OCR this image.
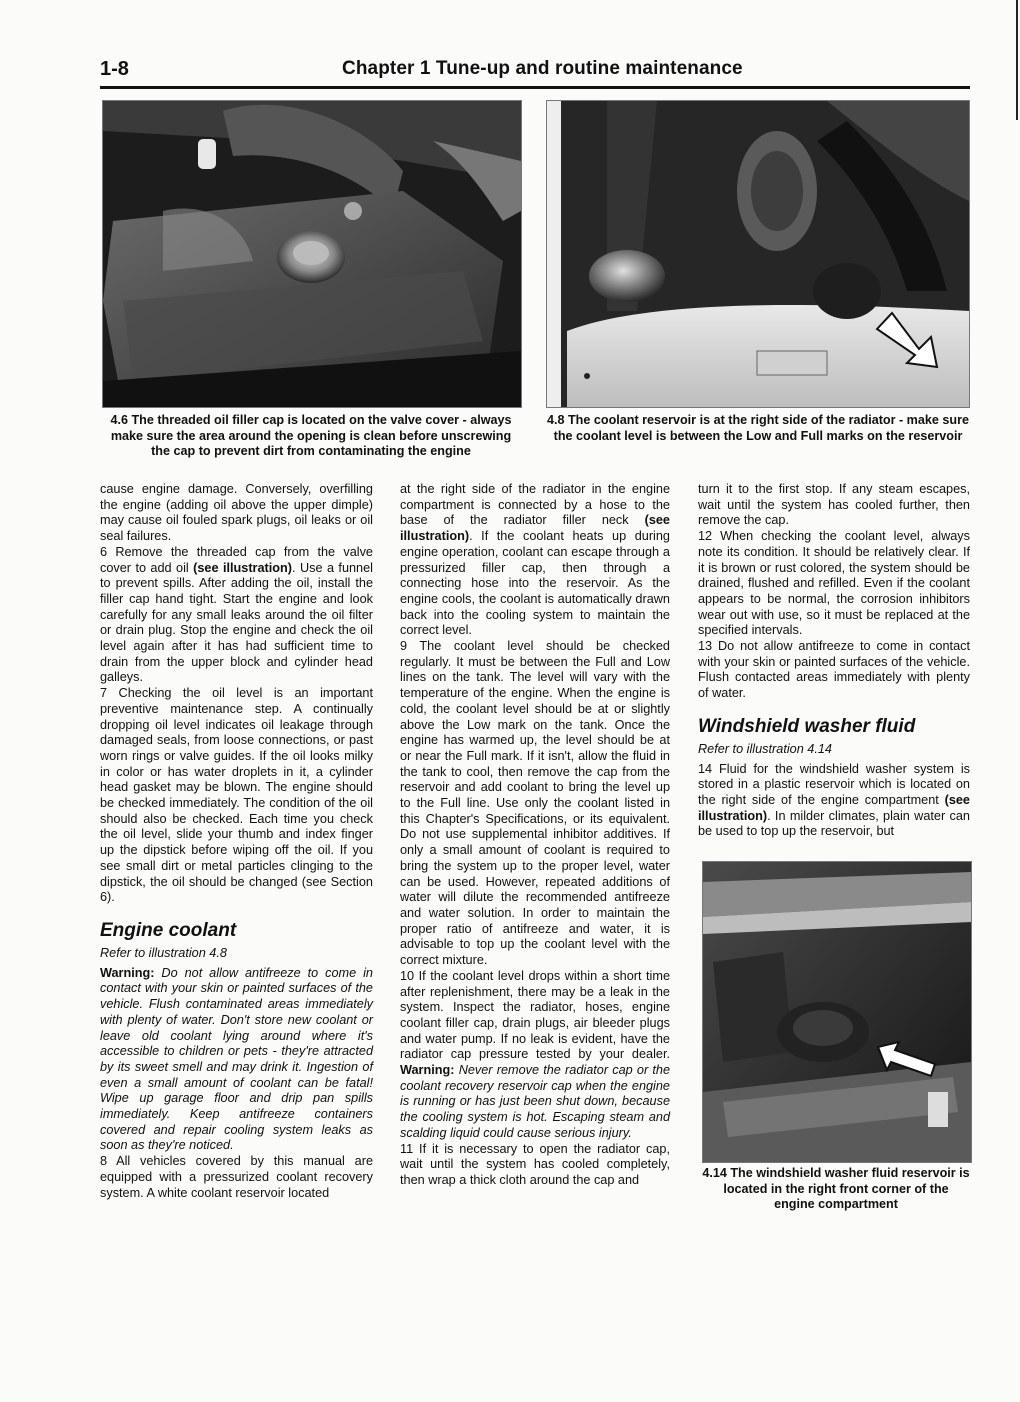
1-8	Chapter 1 Tune-up and routine maintenance
4.6 The threaded oil filler cap is located on the valve cover - always make sure the area around the opening is clean before unscrewing the cap to prevent dirt from contaminating the engine
4.8 The coolant reservoir is at the right side of the radiator - make sure the coolant level is between the Low and Full marks on the reservoir

cause engine damage. Conversely, overfilling the engine (adding oil above the upper dimple) may cause oil fouled spark plugs, oil leaks or oil seal failures.

6 Remove the threaded cap from the valve cover to add oil (see illustration). Use a funnel to prevent spills. After adding the oil, install the filler cap hand tight. Start the engine and look carefully for any small leaks around the oil filter or drain plug. Stop the engine and check the oil level again after it has had sufficient time to drain from the upper block and cylinder head galleys.

7 Checking the oil level is an important preventive maintenance step. A continually dropping oil level indicates oil leakage through damaged seals, from loose connections, or past worn rings or valve guides. If the oil looks milky in color or has water droplets in it, a cylinder head gasket may be blown. The engine should be checked immediately. The condition of the oil should also be checked. Each time you check the oil level, slide your thumb and index finger up the dipstick before wiping off the oil. If you see small dirt or metal particles clinging to the dipstick, the oil should be changed (see Section 6).

Engine coolant

Refer to illustration 4.8

Warning: Do not allow antifreeze to come in contact with your skin or painted surfaces of the vehicle. Flush contaminated areas immediately with plenty of water. Don't store new coolant or leave old coolant lying around where it's accessible to children or pets - they're attracted by its sweet smell and may drink it. Ingestion of even a small amount of coolant can be fatal! Wipe up garage floor and drip pan spills immediately. Keep antifreeze containers covered and repair cooling system leaks as soon as they're noticed.

8 All vehicles covered by this manual are equipped with a pressurized coolant recovery system. A white coolant reservoir located

at the right side of the radiator in the engine compartment is connected by a hose to the base of the radiator filler neck (see illustration). If the coolant heats up during engine operation, coolant can escape through a pressurized filler cap, then through a connecting hose into the reservoir. As the engine cools, the coolant is automatically drawn back into the cooling system to maintain the correct level.

9 The coolant level should be checked regularly. It must be between the Full and Low lines on the tank. The level will vary with the temperature of the engine. When the engine is cold, the coolant level should be at or slightly above the Low mark on the tank. Once the engine has warmed up, the level should be at or near the Full mark. If it isn't, allow the fluid in the tank to cool, then remove the cap from the reservoir and add coolant to bring the level up to the Full line. Use only the coolant listed in this Chapter's Specifications, or its equivalent. Do not use supplemental inhibitor additives. If only a small amount of coolant is required to bring the system up to the proper level, water can be used. However, repeated additions of water will dilute the recommended antifreeze and water solution. In order to maintain the proper ratio of antifreeze and water, it is advisable to top up the coolant level with the correct mixture.

10 If the coolant level drops within a short time after replenishment, there may be a leak in the system. Inspect the radiator, hoses, engine coolant filler cap, drain plugs, air bleeder plugs and water pump. If no leak is evident, have the radiator cap pressure tested by your dealer. Warning: Never remove the radiator cap or the coolant recovery reservoir cap when the engine is running or has just been shut down, because the cooling system is hot. Escaping steam and scalding liquid could cause serious injury.

11 If it is necessary to open the radiator cap, wait until the system has cooled completely, then wrap a thick cloth around the cap and

turn it to the first stop. If any steam escapes, wait until the system has cooled further, then remove the cap.

12 When checking the coolant level, always note its condition. It should be relatively clear. If it is brown or rust colored, the system should be drained, flushed and refilled. Even if the coolant appears to be normal, the corrosion inhibitors wear out with use, so it must be replaced at the specified intervals.

13 Do not allow antifreeze to come in contact with your skin or painted surfaces of the vehicle. Flush contacted areas immediately with plenty of water.

Windshield washer fluid

Refer to illustration 4.14

14 Fluid for the windshield washer system is stored in a plastic reservoir which is located on the right side of the engine compartment (see illustration). In milder climates, plain water can be used to top up the reservoir, but

4.14 The windshield washer fluid reservoir is located in the right front corner of the engine compartment
